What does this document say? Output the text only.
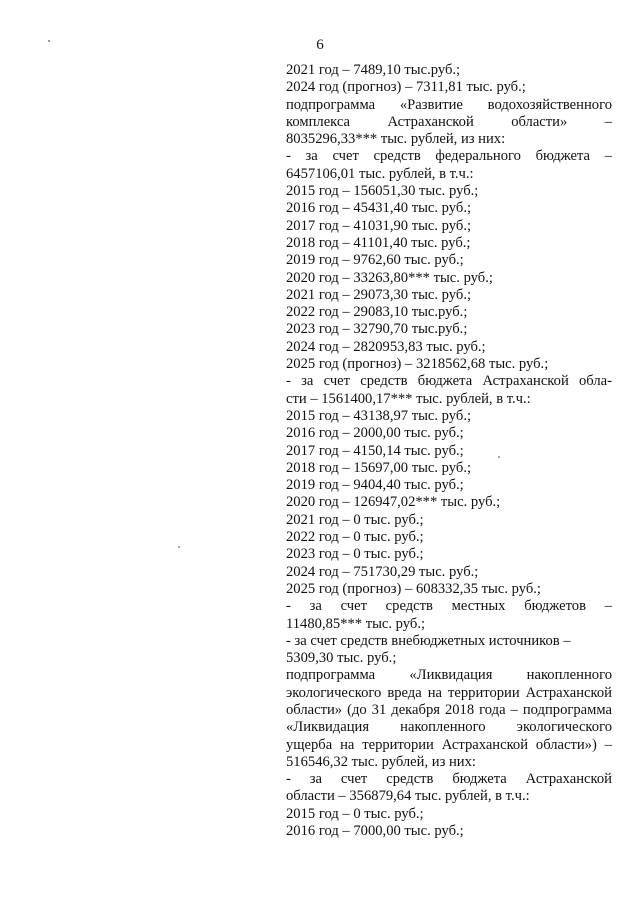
6
2021 год – 7489,10 тыс.руб.;
2024 год (прогноз) – 7311,81 тыс. руб.;
подпрограмма «Развитие водохозяйственного
комплекса Астраханской области» –
8035296,33*** тыс. рублей, из них:
- за счет средств федерального бюджета –
6457106,01 тыс. рублей, в т.ч.:
2015 год – 156051,30 тыс. руб.;
2016 год – 45431,40 тыс. руб.;
2017 год – 41031,90 тыс. руб.;
2018 год – 41101,40 тыс. руб.;
2019 год – 9762,60 тыс. руб.;
2020 год – 33263,80*** тыс. руб.;
2021 год – 29073,30 тыс. руб.;
2022 год – 29083,10 тыс.руб.;
2023 год – 32790,70 тыс.руб.;
2024 год – 2820953,83 тыс. руб.;
2025 год (прогноз) – 3218562,68 тыс. руб.;
- за счет средств бюджета Астраханской обла-
сти – 1561400,17*** тыс. рублей, в т.ч.:
2015 год – 43138,97 тыс. руб.;
2016 год – 2000,00 тыс. руб.;
2017 год – 4150,14 тыс. руб.;
2018 год – 15697,00 тыс. руб.;
2019 год – 9404,40 тыс. руб.;
2020 год – 126947,02*** тыс. руб.;
2021 год – 0 тыс. руб.;
2022 год – 0 тыс. руб.;
2023 год – 0 тыс. руб.;
2024 год – 751730,29 тыс. руб.;
2025 год (прогноз) – 608332,35 тыс. руб.;
- за счет средств местных бюджетов –
11480,85*** тыс. руб.;
- за счет средств внебюджетных источников –
5309,30 тыс. руб.;
подпрограмма «Ликвидация накопленного
экологического вреда на территории Астраханской
области» (до 31 декабря 2018 года – подпрограмма
«Ликвидация накопленного экологического
ущерба на территории Астраханской области») –
516546,32 тыс. рублей, из них:
- за счет средств бюджета Астраханской
области – 356879,64 тыс. рублей, в т.ч.:
2015 год – 0 тыс. руб.;
2016 год – 7000,00 тыс. руб.;
